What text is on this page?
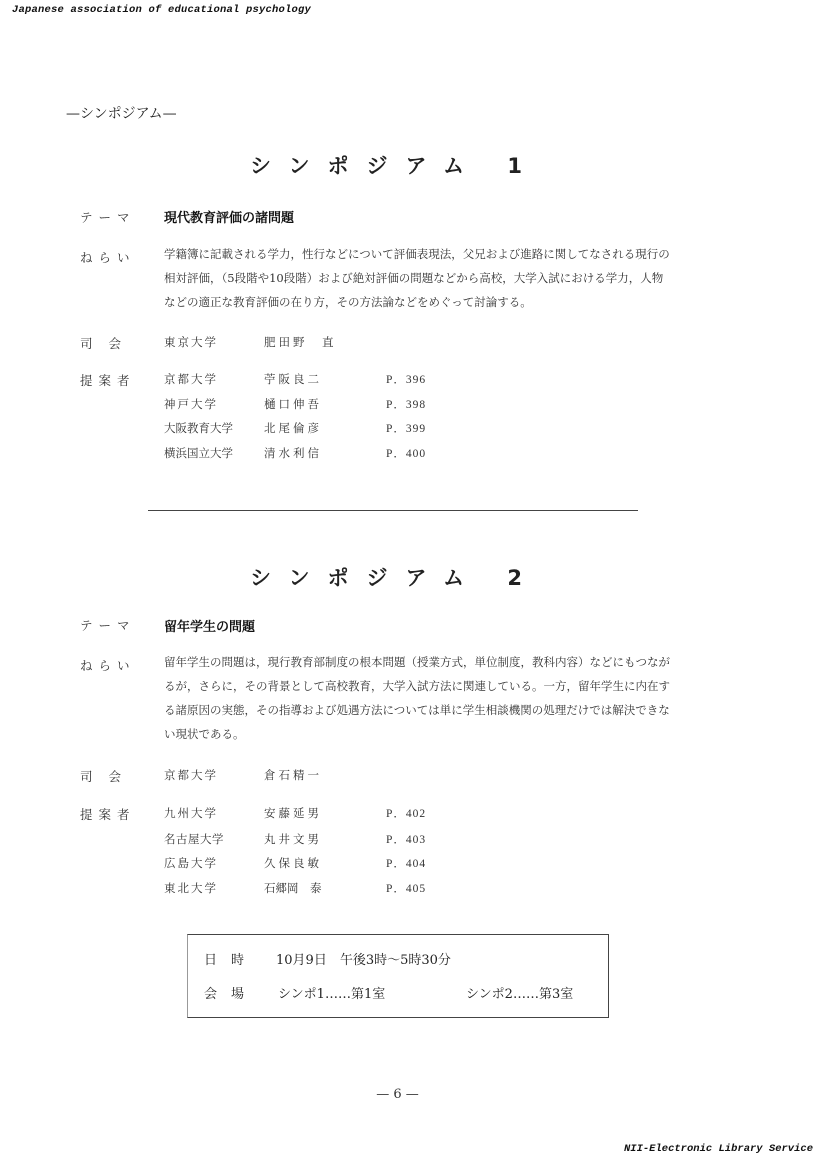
Japanese association of educational psychology
—シンポジアム—
シンポジアム 1
テーマ 現代教育評価の諸問題
ねらい 学籍簿に記載される学力，性行などについて評価表現法，父兄および進路に関してなされる現行の
相対評価，（5段階や10段階）および絶対評価の問題などから高校，大学入試における学力，人物
などの適正な教育評価の在り方，その方法論などをめぐって討論する。
司 会	東京大学	肥田野　直
提案者 京都大学	苧阪良二	P．396
神戸大学	樋口伸吾	P．398
大阪教育大学	北尾倫彦	P．399
横浜国立大学	清水利信	P．400
シンポジアム 2
テーマ 留年学生の問題
ねらい 留年学生の問題は，現行教育部制度の根本問題（授業方式，単位制度，教科内容）などにもつなが
るが，さらに，その背景として高校教育，大学入試方法に関連している。一方，留年学生に内在す
る諸原因の実態，その指導および処遇方法については単に学生相談機関の処理だけでは解決できな
い現状である。
司 会	京都大学	倉石精一
提案者 九州大学	安藤延男	P．402
名古屋大学	丸井文男	P．403
広島大学	久保良敏	P．404
東北大学	石郷岡　泰	P．405
日時 10月9日　午後3時～5時30分
会場 シンポ1……第1室	シンポ2……第3室
— 6 —
NII-Electronic Library Service
